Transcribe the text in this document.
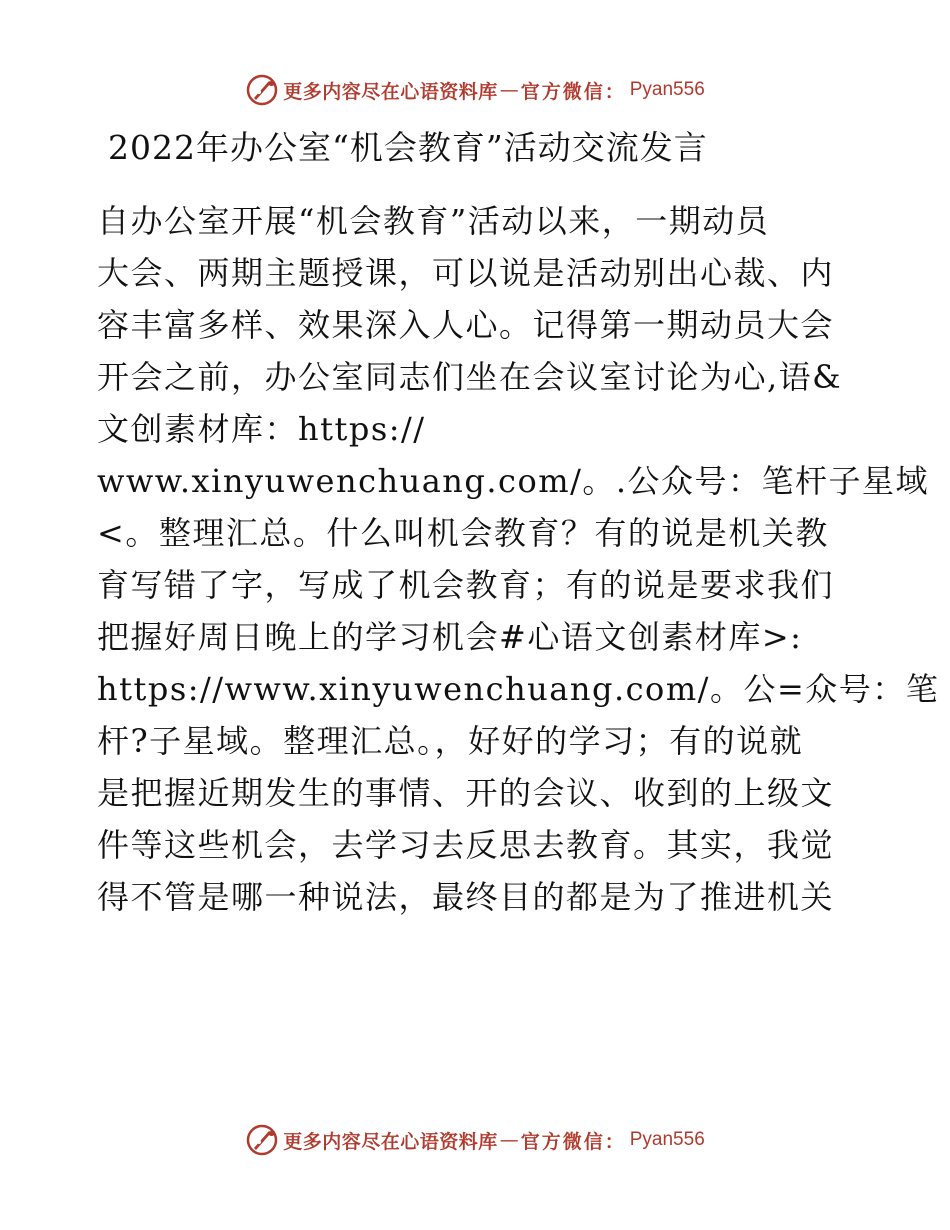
更多内容尽在心语资料库 — 官方微信： Pyan556
2022年办公室“机会教育”活动交流发言
自办公室开展“机会教育”活动以来，一期动员
大会、两期主题授课，可以说是活动别出心裁、内
容丰富多样、效果深入人心。记得第一期动员大会
开会之前，办公室同志们坐在会议室讨论为心,语&
文创素材库：https://
www.xinyuwenchuang.com/。.公众号：笔杆子星域
<。整理汇总。什么叫机会教育？有的说是机关教
育写错了字，写成了机会教育；有的说是要求我们
把握好周日晚上的学习机会#心语文创素材库>:
https://www.xinyuwenchuang.com/。公=众号：笔
杆?子星域。整理汇总。，好好的学习；有的说就
是把握近期发生的事情、开的会议、收到的上级文
件等这些机会，去学习去反思去教育。其实，我觉
得不管是哪一种说法，最终目的都是为了推进机关
更多内容尽在心语资料库 — 官方微信： Pyan556
